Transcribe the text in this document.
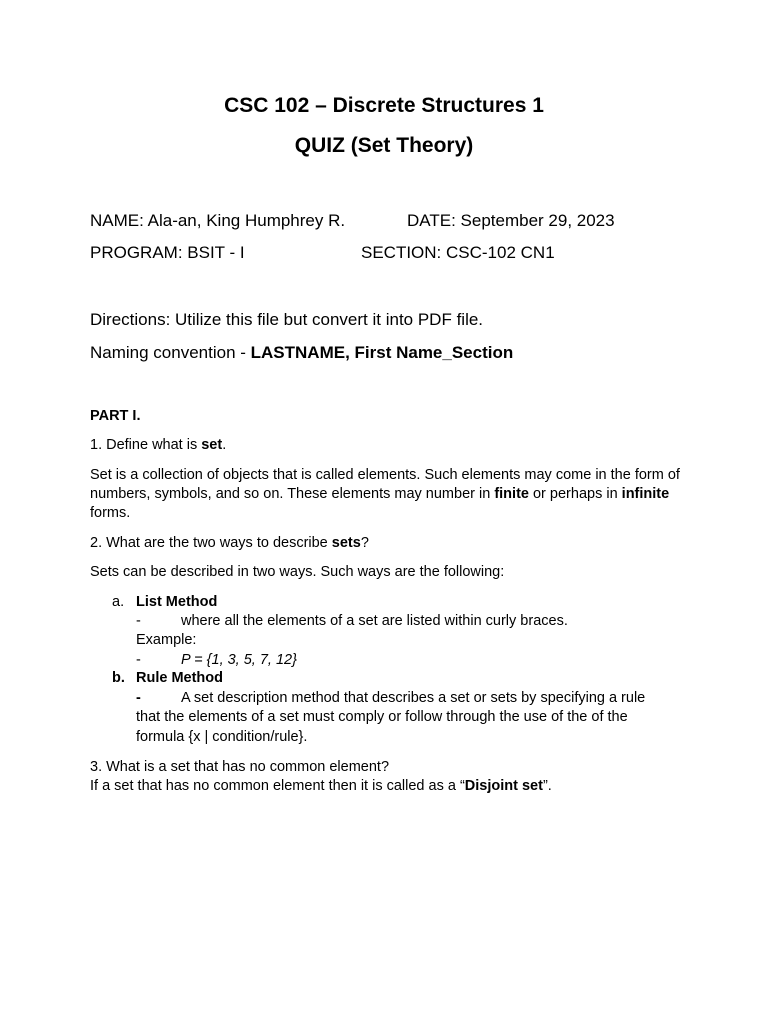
CSC 102 – Discrete Structures 1
QUIZ (Set Theory)
NAME: Ala-an, King Humphrey R.	DATE: September 29, 2023
PROGRAM: BSIT - I	SECTION: CSC-102 CN1
Directions: Utilize this file but convert it into PDF file.
Naming convention - LASTNAME, First Name_Section
PART I.
1. Define what is set.
Set is a collection of objects that is called elements. Such elements may come in the form of numbers, symbols, and so on. These elements may number in finite or perhaps in infinite forms.
2. What are the two ways to describe sets?
Sets can be described in two ways. Such ways are the following:
a. List Method
-	where all the elements of a set are listed within curly braces.
Example:
-	P = {1, 3, 5, 7, 12}
b. Rule Method
-	A set description method that describes a set or sets by specifying a rule
that the elements of a set must comply or follow through the use of the of the
formula {x | condition/rule}.
3. What is a set that has no common element?
If a set that has no common element then it is called as a “Disjoint set”.
